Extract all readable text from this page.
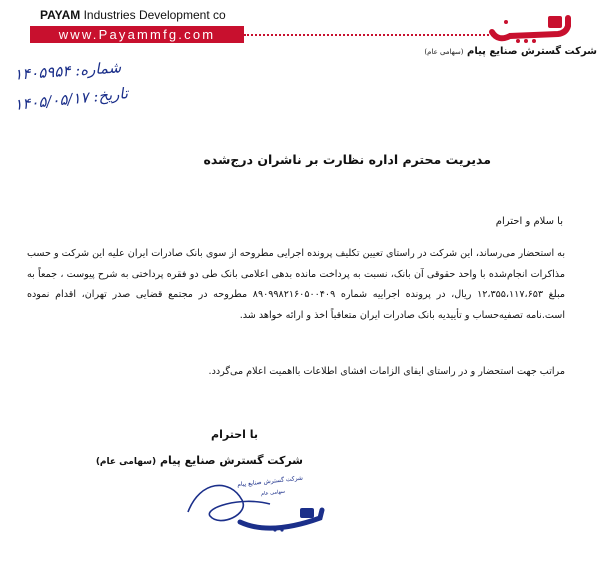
PAYAM Industries Development co
www.Payammfg.com
شرکت گسترش صنایع پیام (سهامی عام)
شماره: ۱۴۰۵۹۵۴
تاریخ: ۱۴۰۵/۰۵/۱۷
مدیریت محترم اداره نظارت بر ناشران درج‌شده
با سلام و احترام
به استحضار می‌رساند، این شرکت در راستای تعیین تکلیف پرونده اجرایی مطروحه از سوی بانک صادرات ایران علیه این شرکت و حسب مذاکرات انجام‌شده با واحد حقوقی آن بانک، نسبت به پرداخت مانده بدهی اعلامی بانک طی دو فقره پرداختی به شرح پیوست ، جمعاً به مبلغ ۱۲،۳۵۵،۱۱۷،۶۵۳ ریال، در پرونده اجراییه شماره ۸۹۰۹۹۸۲۱۶۰۵۰۰۴۰۹ مطروحه در مجتمع قضایی صدر تهران، اقدام نموده است.نامه تصفیه‌حساب و تأییدیه بانک صادرات ایران متعاقباً اخذ و ارائه خواهد شد.
مراتب جهت استحضار و در راستای ایفای الزامات افشای اطلاعات بااهمیت اعلام می‌گردد.
با احترام
شرکت گسترش صنایع پیام (سهامی عام)
شرکت گسترش صنایع پیام
سهامی عام
